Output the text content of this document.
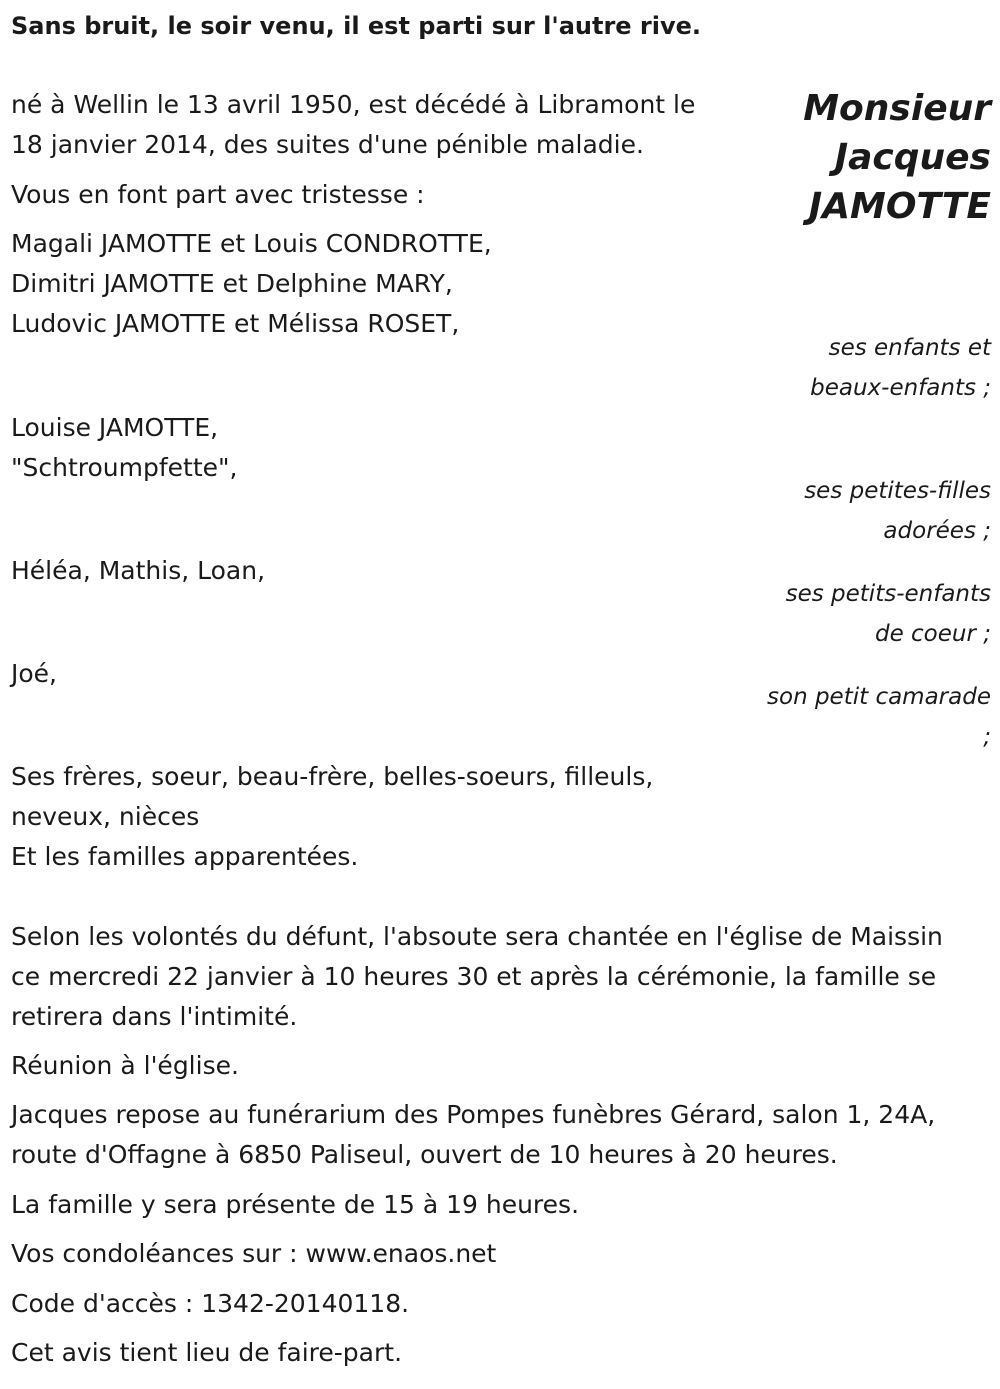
Sans bruit, le soir venu, il est parti sur l'autre rive.

Monsieur
Jacques
JAMOTTE
né à Wellin le 13 avril 1950, est décédé à Libramont le
18 janvier 2014, des suites d'une pénible maladie.

Vous en font part avec tristesse :

Magali JAMOTTE et Louis CONDROTTE,
Dimitri JAMOTTE et Delphine MARY,
Ludovic JAMOTTE et Mélissa ROSET,
ses enfants et
beaux-enfants ;
Louise JAMOTTE,
"Schtroumpfette",
ses petites-filles
adorées ;
Héléa, Mathis, Loan,
ses petits-enfants
de coeur ;
Joé,
son petit camarade
;
Ses frères, soeur, beau-frère, belles-soeurs, filleuls,
neveux, nièces
Et les familles apparentées.
Selon les volontés du défunt, l'absoute sera chantée en l'église de Maissin
ce mercredi 22 janvier à 10 heures 30 et après la cérémonie, la famille se
retirera dans l'intimité.

Réunion à l'église.

Jacques repose au funérarium des Pompes funèbres Gérard, salon 1, 24A,
route d'Offagne à 6850 Paliseul, ouvert de 10 heures à 20 heures.

La famille y sera présente de 15 à 19 heures.

Vos condoléances sur : www.enaos.net

Code d'accès : 1342-20140118.

Cet avis tient lieu de faire-part.
